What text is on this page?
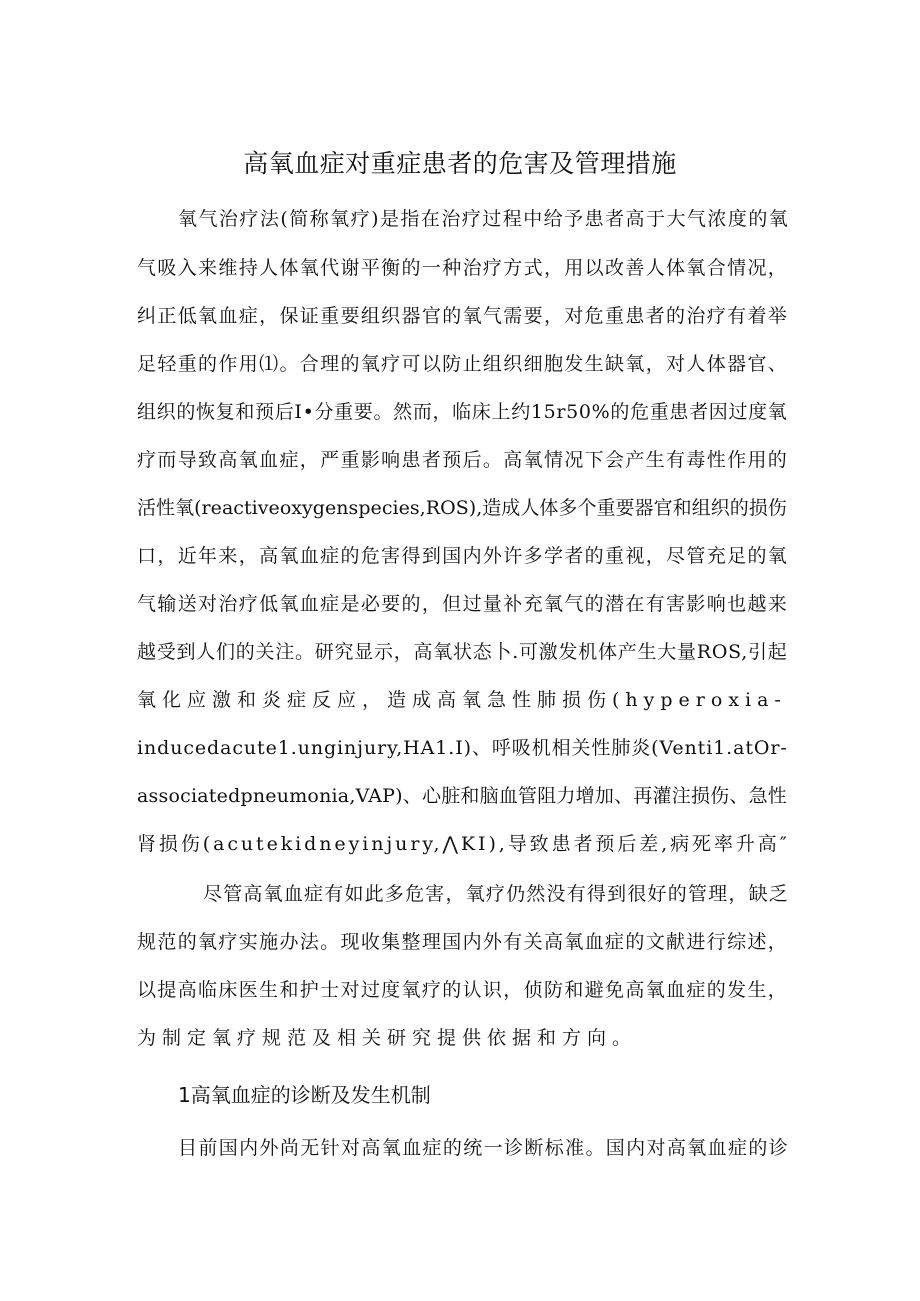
高氧血症对重症患者的危害及管理措施
氧气治疗法(简称氧疗)是指在治疗过程中给予患者高于大气浓度的氧
气吸入来维持人体氧代谢平衡的一种治疗方式，用以改善人体氧合情况，
纠正低氧血症，保证重要组织器官的氧气需要，对危重患者的治疗有着举
足轻重的作用⑴。合理的氧疗可以防止组织细胞发生缺氧，对人体器官、
组织的恢复和预后I•分重要。然而，临床上约15r50%的危重患者因过度氧
疗而导致高氧血症，严重影响患者预后。高氧情况下会产生有毒性作用的
活性氧(reactiveoxygenspecies,ROS),造成人体多个重要器官和组织的损伤
口，近年来，高氧血症的危害得到国内外许多学者的重视，尽管充足的氧
气输送对治疗低氧血症是必要的，但过量补充氧气的潜在有害影响也越来
越受到人们的关注。研究显示，高氧状态卜.可激发机体产生大量ROS,引起
氧化应激和炎症反应，造成高氧急性肺损伤(hyperoxia-
inducedacute1.unginjury,HA1.I)、呼吸机相关性肺炎(Venti1.atOr-
associatedpneumonia,VAP)、心脏和脑血管阻力增加、再灌注损伤、急性
肾损伤(acutekidneyinjury,⋀KI),导致患者预后差,病死率升高″
尽管高氧血症有如此多危害，氧疗仍然没有得到很好的管理，缺乏
规范的氧疗实施办法。现收集整理国内外有关高氧血症的文献进行综述，
以提高临床医生和护士对过度氧疗的认识，侦防和避免高氧血症的发生，
为制定氧疗规范及相关研究提供依据和方向。
1高氧血症的诊断及发生机制
目前国内外尚无针对高氧血症的统一诊断标准。国内对高氧血症的诊
